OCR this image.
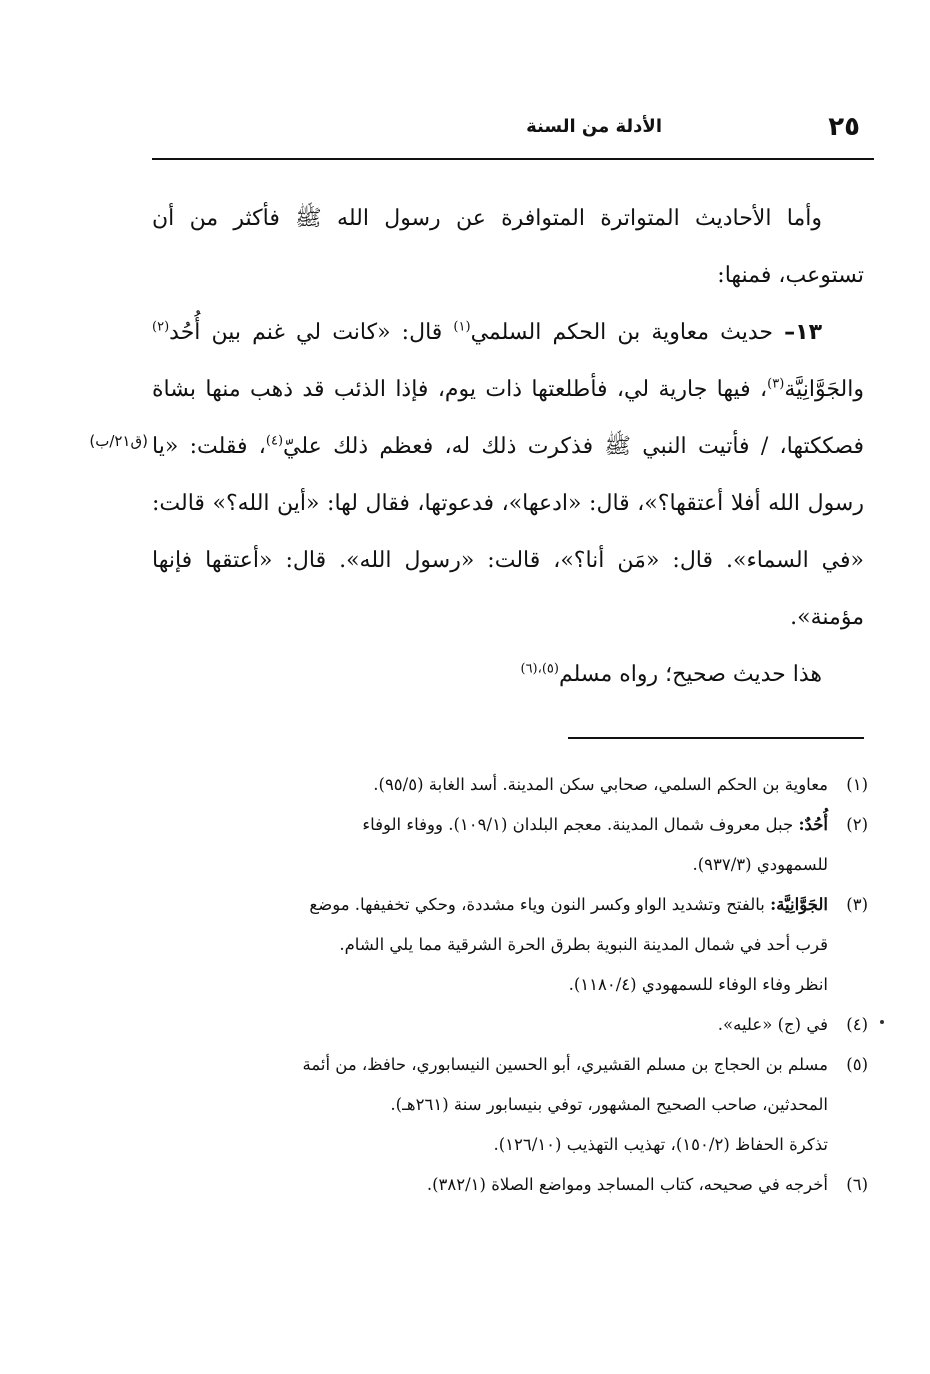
٢٥
الأدلة من السنة
(ق٢١/ب)

وأما الأحاديث المتواترة المتوافرة عن رسول الله ﷺ فأكثر من أن تستوعب، فمنها:

١٣– حديث معاوية بن الحكم السلمي$^{(١)}$ قال: «كانت لي غنم بين أُحُد$^{(٢)}$ والجَوَّانِيَّة$^{(٣)}$، فيها جارية لي، فأطلعتها ذات يوم، فإذا الذئب قد ذهب منها بشاة فصككتها، / فأتيت النبي ﷺ فذكرت ذلك له، فعظم ذلك عليّ$^{(٤)}$، فقلت: «يا رسول الله أفلا أعتقها؟»، قال: «ادعها»، فدعوتها، فقال لها: «أين الله؟» قالت: «في السماء». قال: «مَن أنا؟»، قالت: «رسول الله». قال: «أعتقها فإنها مؤمنة».

هذا حديث صحيح؛ رواه مسلم$^{(٥)،(٦)}$

(١)
معاوية بن الحكم السلمي، صحابي سكن المدينة. أسد الغابة (٩٥/٥).
(٢)
أُحُدٌ: جبل معروف شمال المدينة. معجم البلدان (١٠٩/١). ووفاء الوفاء
للسمهودي (٩٣٧/٣).
(٣)
الجَوَّانِيَّة: بالفتح وتشديد الواو وكسر النون وياء مشددة، وحكي تخفيفها. موضع
قرب أحد في شمال المدينة النبوية بطرق الحرة الشرقية مما يلي الشام.
انظر وفاء الوفاء للسمهودي (١١٨٠/٤).
(٤)
في (ج) «عليه».
(٥)
مسلم بن الحجاج بن مسلم القشيري، أبو الحسين النيسابوري، حافظ، من أئمة
المحدثين، صاحب الصحيح المشهور، توفي بنيسابور سنة (٢٦١هـ).
تذكرة الحفاظ (١٥٠/٢)، تهذيب التهذيب (١٢٦/١٠).
(٦)
أخرجه في صحيحه، كتاب المساجد ومواضع الصلاة (٣٨٢/١).
